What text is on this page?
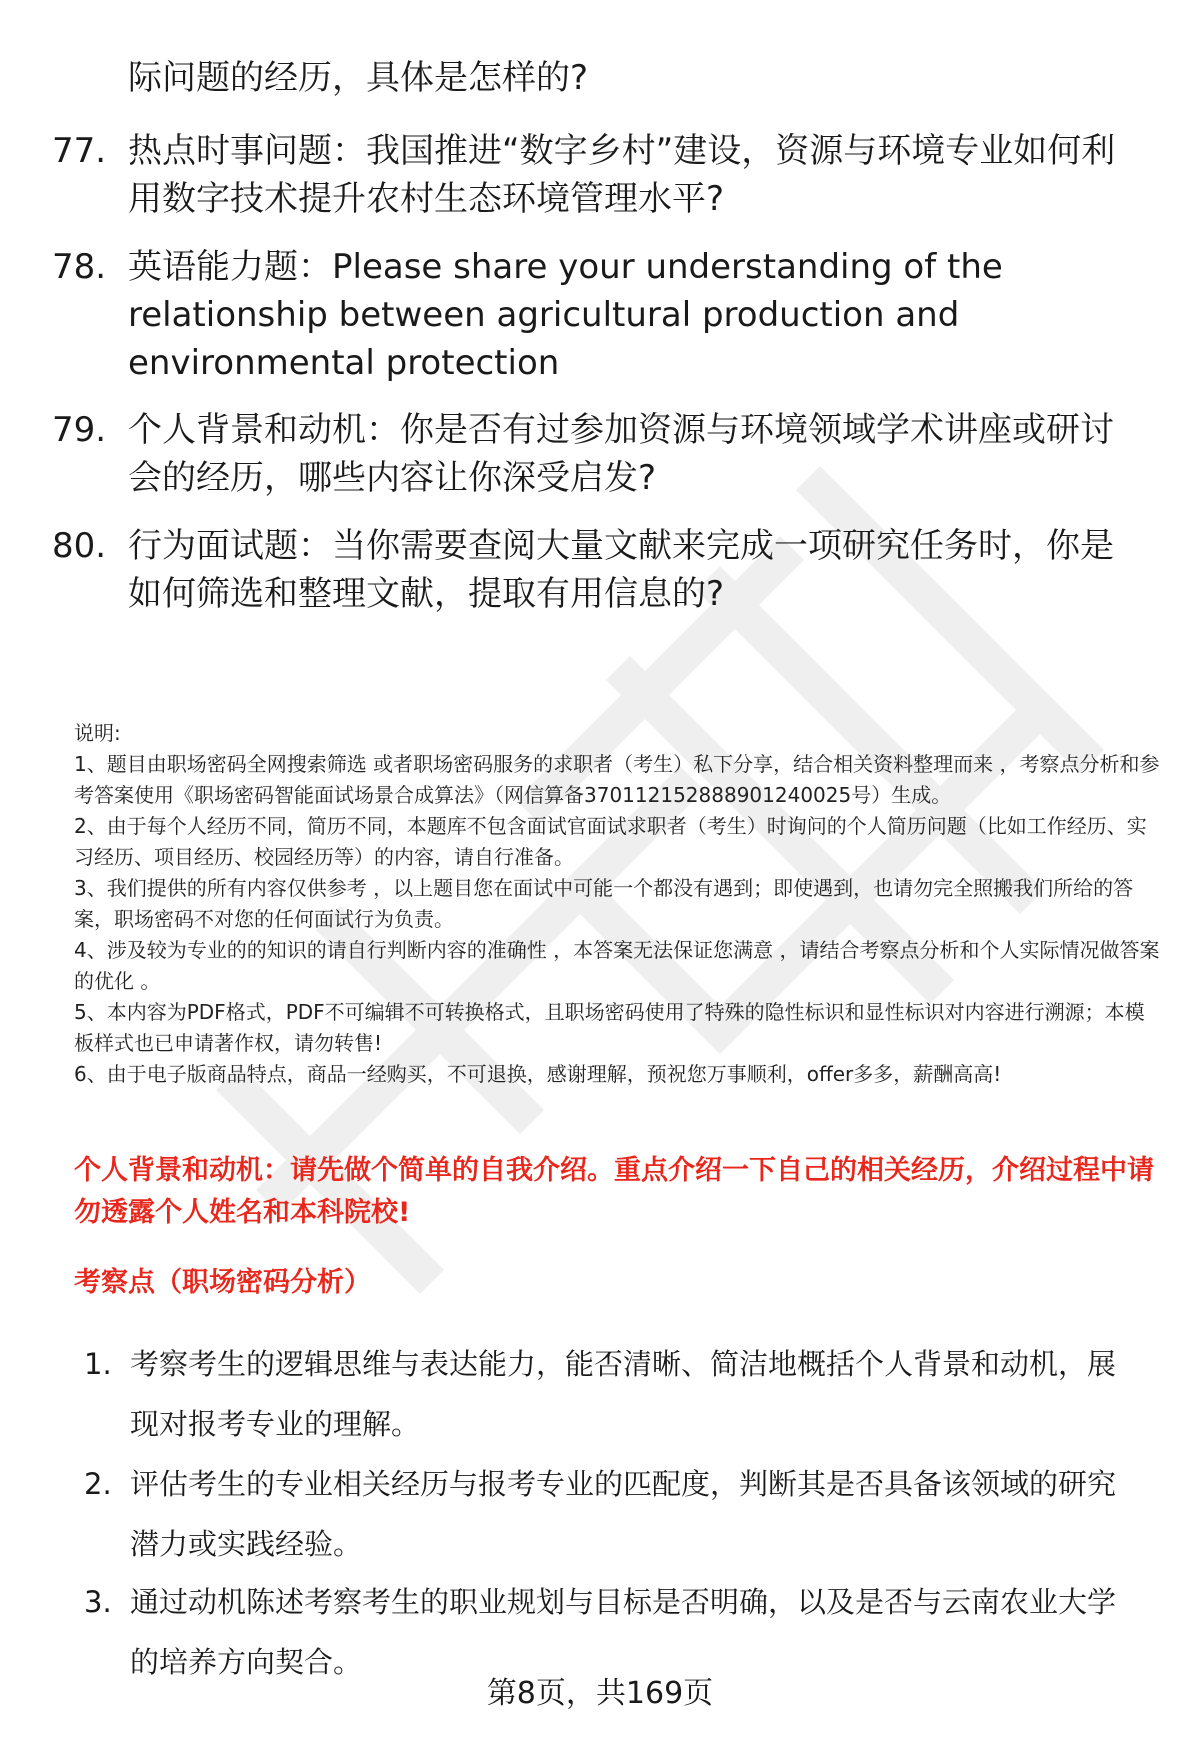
际问题的经历，具体是怎样的?
77. 热点时事问题：我国推进“数字乡村”建设，资源与环境专业如何利用数字技术提升农村生态环境管理水平?
78. 英语能力题：Please share your understanding of the relationship between agricultural production and environmental protection
79. 个人背景和动机：你是否有过参加资源与环境领域学术讲座或研讨会的经历，哪些内容让你深受启发?
80. 行为面试题：当你需要查阅大量文献来完成一项研究任务时，你是如何筛选和整理文献，提取有用信息的?

说明:

1、题目由职场密码全网搜索筛选 或者职场密码服务的求职者（考生）私下分享，结合相关资料整理而来 ，考察点分析和参考答案使用《职场密码智能面试场景合成算法》（网信算备370112152888901240025号）生成。

2、由于每个人经历不同，简历不同，本题库不包含面试官面试求职者（考生）时询问的个人简历问题（比如工作经历、实习经历、项目经历、校园经历等）的内容，请自行准备。

3、我们提供的所有内容仅供参考 ，以上题目您在面试中可能一个都没有遇到；即使遇到，也请勿完全照搬我们所给的答案，职场密码不对您的任何面试行为负责。

4、涉及较为专业的的知识的请自行判断内容的准确性 ，本答案无法保证您满意 ，请结合考察点分析和个人实际情况做答案的优化 。

5、本内容为PDF格式，PDF不可编辑不可转换格式，且职场密码使用了特殊的隐性标识和显性标识对内容进行溯源；本模板样式也已申请著作权，请勿转售!

6、由于电子版商品特点，商品一经购买，不可退换，感谢理解，预祝您万事顺利，offer多多，薪酬高高!

个人背景和动机：请先做个简单的自我介绍。重点介绍一下自己的相关经历，介绍过程中请勿透露个人姓名和本科院校!
考察点（职场密码分析）
1. 考察考生的逻辑思维与表达能力，能否清晰、简洁地概括个人背景和动机，展现对报考专业的理解。
2. 评估考生的专业相关经历与报考专业的匹配度，判断其是否具备该领域的研究潜力或实践经验。
3. 通过动机陈述考察考生的职业规划与目标是否明确，以及是否与云南农业大学的培养方向契合。
第8页，共169页
